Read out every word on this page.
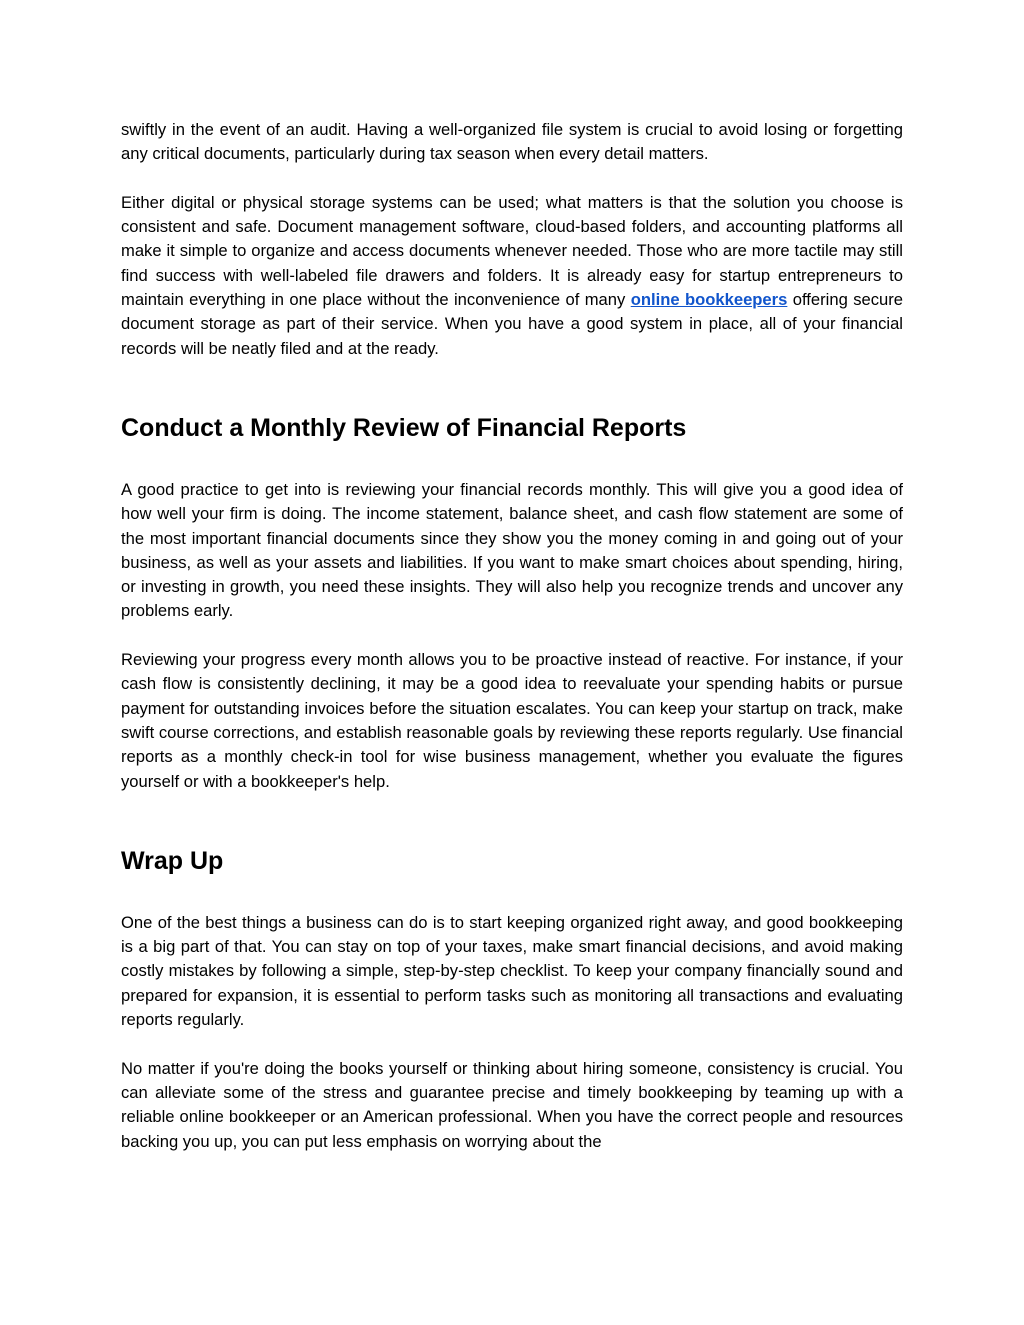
swiftly in the event of an audit. Having a well-organized file system is crucial to avoid losing or forgetting any critical documents, particularly during tax season when every detail matters.

Either digital or physical storage systems can be used; what matters is that the solution you choose is consistent and safe. Document management software, cloud-based folders, and accounting platforms all make it simple to organize and access documents whenever needed. Those who are more tactile may still find success with well-labeled file drawers and folders. It is already easy for startup entrepreneurs to maintain everything in one place without the inconvenience of many online bookkeepers offering secure document storage as part of their service. When you have a good system in place, all of your financial records will be neatly filed and at the ready.

Conduct a Monthly Review of Financial Reports

A good practice to get into is reviewing your financial records monthly. This will give you a good idea of how well your firm is doing. The income statement, balance sheet, and cash flow statement are some of the most important financial documents since they show you the money coming in and going out of your business, as well as your assets and liabilities. If you want to make smart choices about spending, hiring, or investing in growth, you need these insights. They will also help you recognize trends and uncover any problems early.

Reviewing your progress every month allows you to be proactive instead of reactive. For instance, if your cash flow is consistently declining, it may be a good idea to reevaluate your spending habits or pursue payment for outstanding invoices before the situation escalates. You can keep your startup on track, make swift course corrections, and establish reasonable goals by reviewing these reports regularly. Use financial reports as a monthly check-in tool for wise business management, whether you evaluate the figures yourself or with a bookkeeper's help.

Wrap Up

One of the best things a business can do is to start keeping organized right away, and good bookkeeping is a big part of that. You can stay on top of your taxes, make smart financial decisions, and avoid making costly mistakes by following a simple, step-by-step checklist. To keep your company financially sound and prepared for expansion, it is essential to perform tasks such as monitoring all transactions and evaluating reports regularly.

No matter if you're doing the books yourself or thinking about hiring someone, consistency is crucial. You can alleviate some of the stress and guarantee precise and timely bookkeeping by teaming up with a reliable online bookkeeper or an American professional. When you have the correct people and resources backing you up, you can put less emphasis on worrying about the
